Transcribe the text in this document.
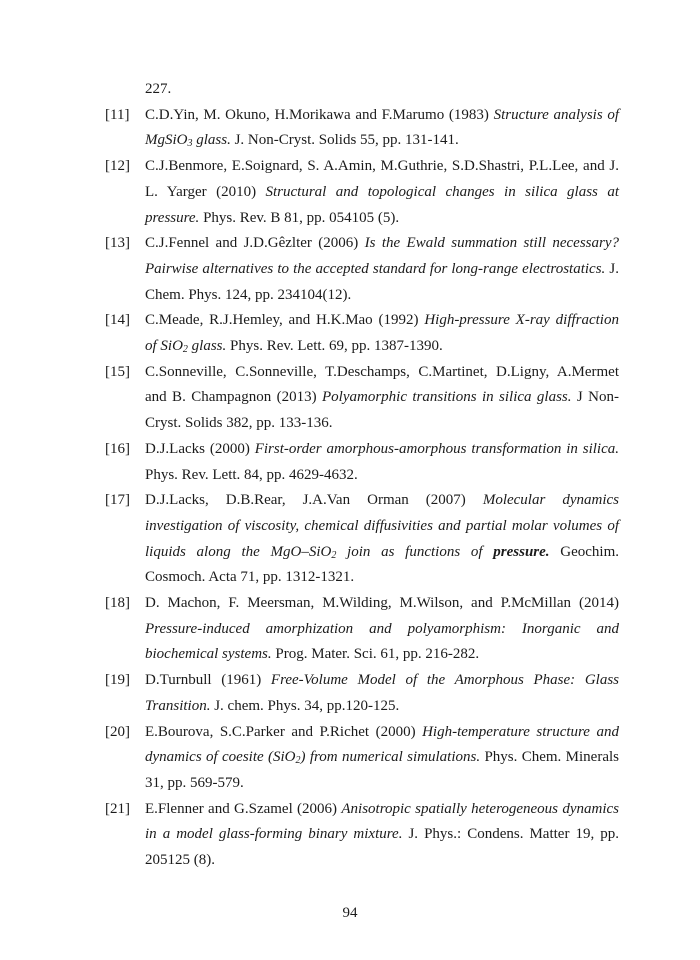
227.
[11] C.D.Yin, M. Okuno, H.Morikawa and F.Marumo (1983) Structure analysis of MgSiO3 glass. J. Non-Cryst. Solids 55, pp. 131-141.
[12] C.J.Benmore, E.Soignard, S. A.Amin, M.Guthrie, S.D.Shastri, P.L.Lee, and J. L. Yarger (2010) Structural and topological changes in silica glass at pressure. Phys. Rev. B 81, pp. 054105 (5).
[13] C.J.Fennel and J.D.Gêzlter (2006) Is the Ewald summation still necessary? Pairwise alternatives to the accepted standard for long-range electrostatics. J. Chem. Phys. 124, pp. 234104(12).
[14] C.Meade, R.J.Hemley, and H.K.Mao (1992) High-pressure X-ray diffraction of SiO2 glass. Phys. Rev. Lett. 69, pp. 1387-1390.
[15] C.Sonneville, C.Sonneville, T.Deschamps, C.Martinet, D.Ligny, A.Mermet and B. Champagnon (2013) Polyamorphic transitions in silica glass. J Non-Cryst. Solids 382, pp. 133-136.
[16] D.J.Lacks (2000) First-order amorphous-amorphous transformation in silica. Phys. Rev. Lett. 84, pp. 4629-4632.
[17] D.J.Lacks, D.B.Rear, J.A.Van Orman (2007) Molecular dynamics investigation of viscosity, chemical diffusivities and partial molar volumes of liquids along the MgO–SiO2 join as functions of pressure. Geochim. Cosmoch. Acta 71, pp. 1312-1321.
[18] D. Machon, F. Meersman, M.Wilding, M.Wilson, and P.McMillan (2014) Pressure-induced amorphization and polyamorphism: Inorganic and biochemical systems. Prog. Mater. Sci. 61, pp. 216-282.
[19] D.Turnbull (1961) Free-Volume Model of the Amorphous Phase: Glass Transition. J. chem. Phys. 34, pp.120-125.
[20] E.Bourova, S.C.Parker and P.Richet (2000) High-temperature structure and dynamics of coesite (SiO2) from numerical simulations. Phys. Chem. Minerals 31, pp. 569-579.
[21] E.Flenner and G.Szamel (2006) Anisotropic spatially heterogeneous dynamics in a model glass-forming binary mixture. J. Phys.: Condens. Matter 19, pp. 205125 (8).
94
